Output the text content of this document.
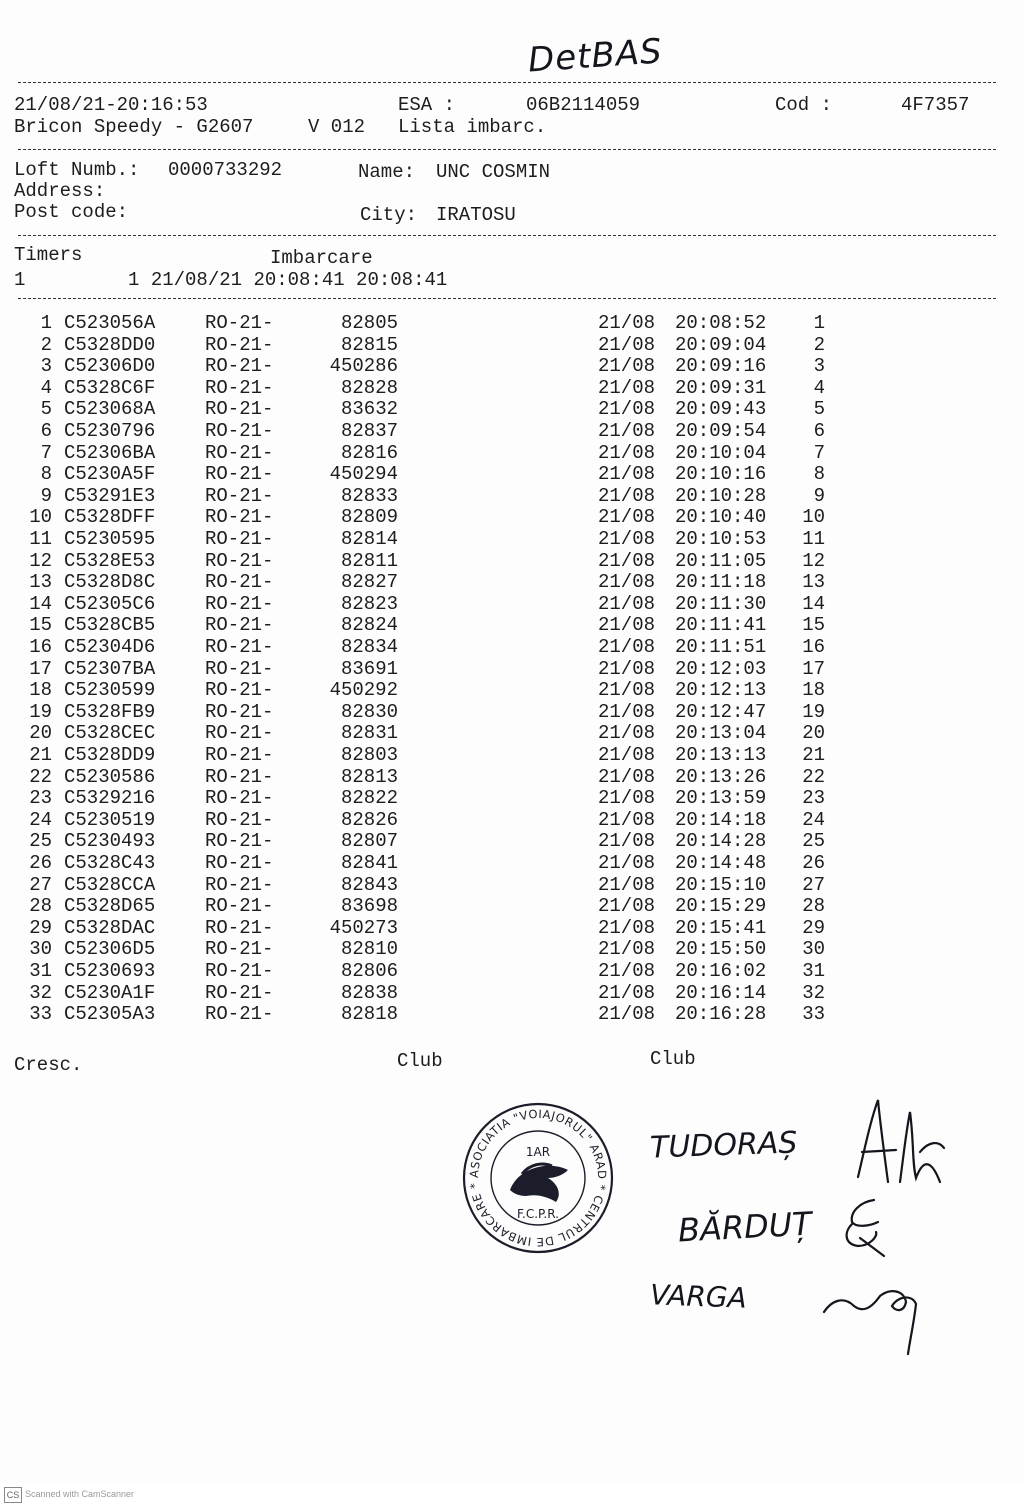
DetBAS
21/08/21-20:16:53	ESA :	06B2114059	Cod :	4F7357
Bricon Speedy - G2607	V 012 Lista imbarc.
Loft Numb.: 0000733292	Name: UNC COSMIN
Address:
Post code:	City: IRATOSU
Timers	Imbarcare
1         1 21/08/21 20:08:41 20:08:41
1 C523056A	RO-21-	82805	21/08 20:08:52	1
2 C5328DD0	RO-21-	82815	21/08 20:09:04	2
3 C52306D0	RO-21-	450286	21/08 20:09:16	3
4 C5328C6F	RO-21-	82828	21/08 20:09:31	4
5 C523068A	RO-21-	83632	21/08 20:09:43	5
6 C5230796	RO-21-	82837	21/08 20:09:54	6
7 C52306BA	RO-21-	82816	21/08 20:10:04	7
8 C5230A5F	RO-21-	450294	21/08 20:10:16	8
9 C53291E3	RO-21-	82833	21/08 20:10:28	9
10 C5328DFF	RO-21-	82809	21/08 20:10:40	10
11 C5230595	RO-21-	82814	21/08 20:10:53	11
12 C5328E53	RO-21-	82811	21/08 20:11:05	12
13 C5328D8C	RO-21-	82827	21/08 20:11:18	13
14 C52305C6	RO-21-	82823	21/08 20:11:30	14
15 C5328CB5	RO-21-	82824	21/08 20:11:41	15
16 C52304D6	RO-21-	82834	21/08 20:11:51	16
17 C52307BA	RO-21-	83691	21/08 20:12:03	17
18 C5230599	RO-21-	450292	21/08 20:12:13	18
19 C5328FB9	RO-21-	82830	21/08 20:12:47	19
20 C5328CEC	RO-21-	82831	21/08 20:13:04	20
21 C5328DD9	RO-21-	82803	21/08 20:13:13	21
22 C5230586	RO-21-	82813	21/08 20:13:26	22
23 C5329216	RO-21-	82822	21/08 20:13:59	23
24 C5230519	RO-21-	82826	21/08 20:14:18	24
25 C5230493	RO-21-	82807	21/08 20:14:28	25
26 C5328C43	RO-21-	82841	21/08 20:14:48	26
27 C5328CCA	RO-21-	82843	21/08 20:15:10	27
28 C5328D65	RO-21-	83698	21/08 20:15:29	28
29 C5328DAC	RO-21-	450273	21/08 20:15:41	29
30 C52306D5	RO-21-	82810	21/08 20:15:50	30
31 C5230693	RO-21-	82806	21/08 20:16:02	31
32 C5230A1F	RO-21-	82838	21/08 20:16:14	32
33 C52305A3	RO-21-	82818	21/08 20:16:28	33
Cresc.	Club	Club
ASOCIATIA "VOIAJORUL" ARAD * CENTRUL DE IMBARCARE *
1AR
F.C.P.R.
TUDORAȘ
BĂRDUȚ
VARGA
CS Scanned with CamScanner
